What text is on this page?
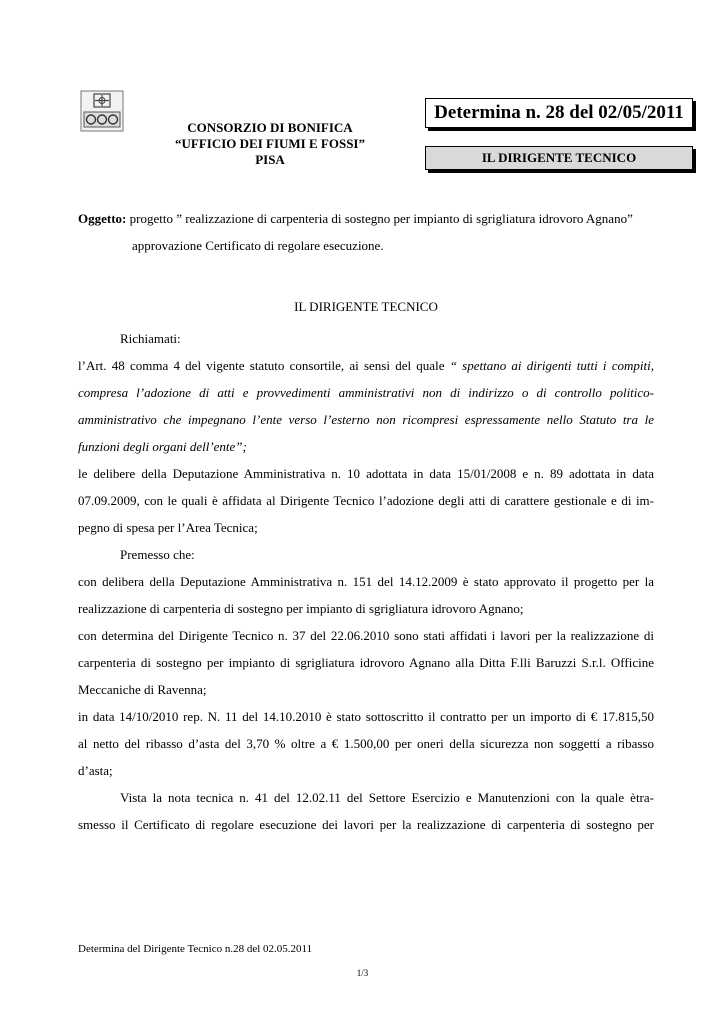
CONSORZIO DI BONIFICA
“UFFICIO DEI FIUMI E FOSSI”
PISA
Determina n. 28 del 02/05/2011
IL DIRIGENTE TECNICO
Oggetto: progetto ” realizzazione di carpenteria di sostegno per impianto di sgrigliatura idrovoro Agnano”
approvazione Certificato di regolare esecuzione.
IL DIRIGENTE TECNICO
Richiamati:
l’Art. 48 comma 4 del vigente statuto consortile, ai sensi del quale “ spettano ai dirigenti tutti i compiti,
compresa l’adozione di atti e provvedimenti amministrativi non di indirizzo o di controllo politico-
amministrativo che impegnano l’ente verso l’esterno non ricompresi espressamente nello Statuto tra le
funzioni degli organi dell’ente”;
le delibere della Deputazione Amministrativa n. 10 adottata in data 15/01/2008 e n. 89 adottata in data
07.09.2009, con le quali è affidata al Dirigente Tecnico l’adozione degli atti di carattere gestionale e di im-
pegno di spesa per l’Area Tecnica;
Premesso che:
con delibera della Deputazione Amministrativa n. 151 del 14.12.2009 è stato approvato il progetto per la
realizzazione di carpenteria di sostegno per impianto di sgrigliatura idrovoro Agnano;
con determina del Dirigente Tecnico n. 37 del 22.06.2010 sono stati affidati i lavori per la realizzazione di
carpenteria di sostegno per impianto di sgrigliatura idrovoro Agnano alla Ditta F.lli Baruzzi S.r.l. Officine
Meccaniche di Ravenna;
in data 14/10/2010 rep. N. 11 del 14.10.2010 è stato sottoscritto il contratto per un importo di € 17.815,50
al netto del ribasso d’asta del 3,70 % oltre a € 1.500,00 per oneri della sicurezza non soggetti a ribasso
d’asta;
Vista la nota tecnica n. 41 del 12.02.11 del Settore Esercizio e Manutenzioni con la quale ètra-
smesso il Certificato di regolare esecuzione dei lavori per la realizzazione di carpenteria di sostegno per
Determina del Dirigente Tecnico n.28 del 02.05.2011
1/3
